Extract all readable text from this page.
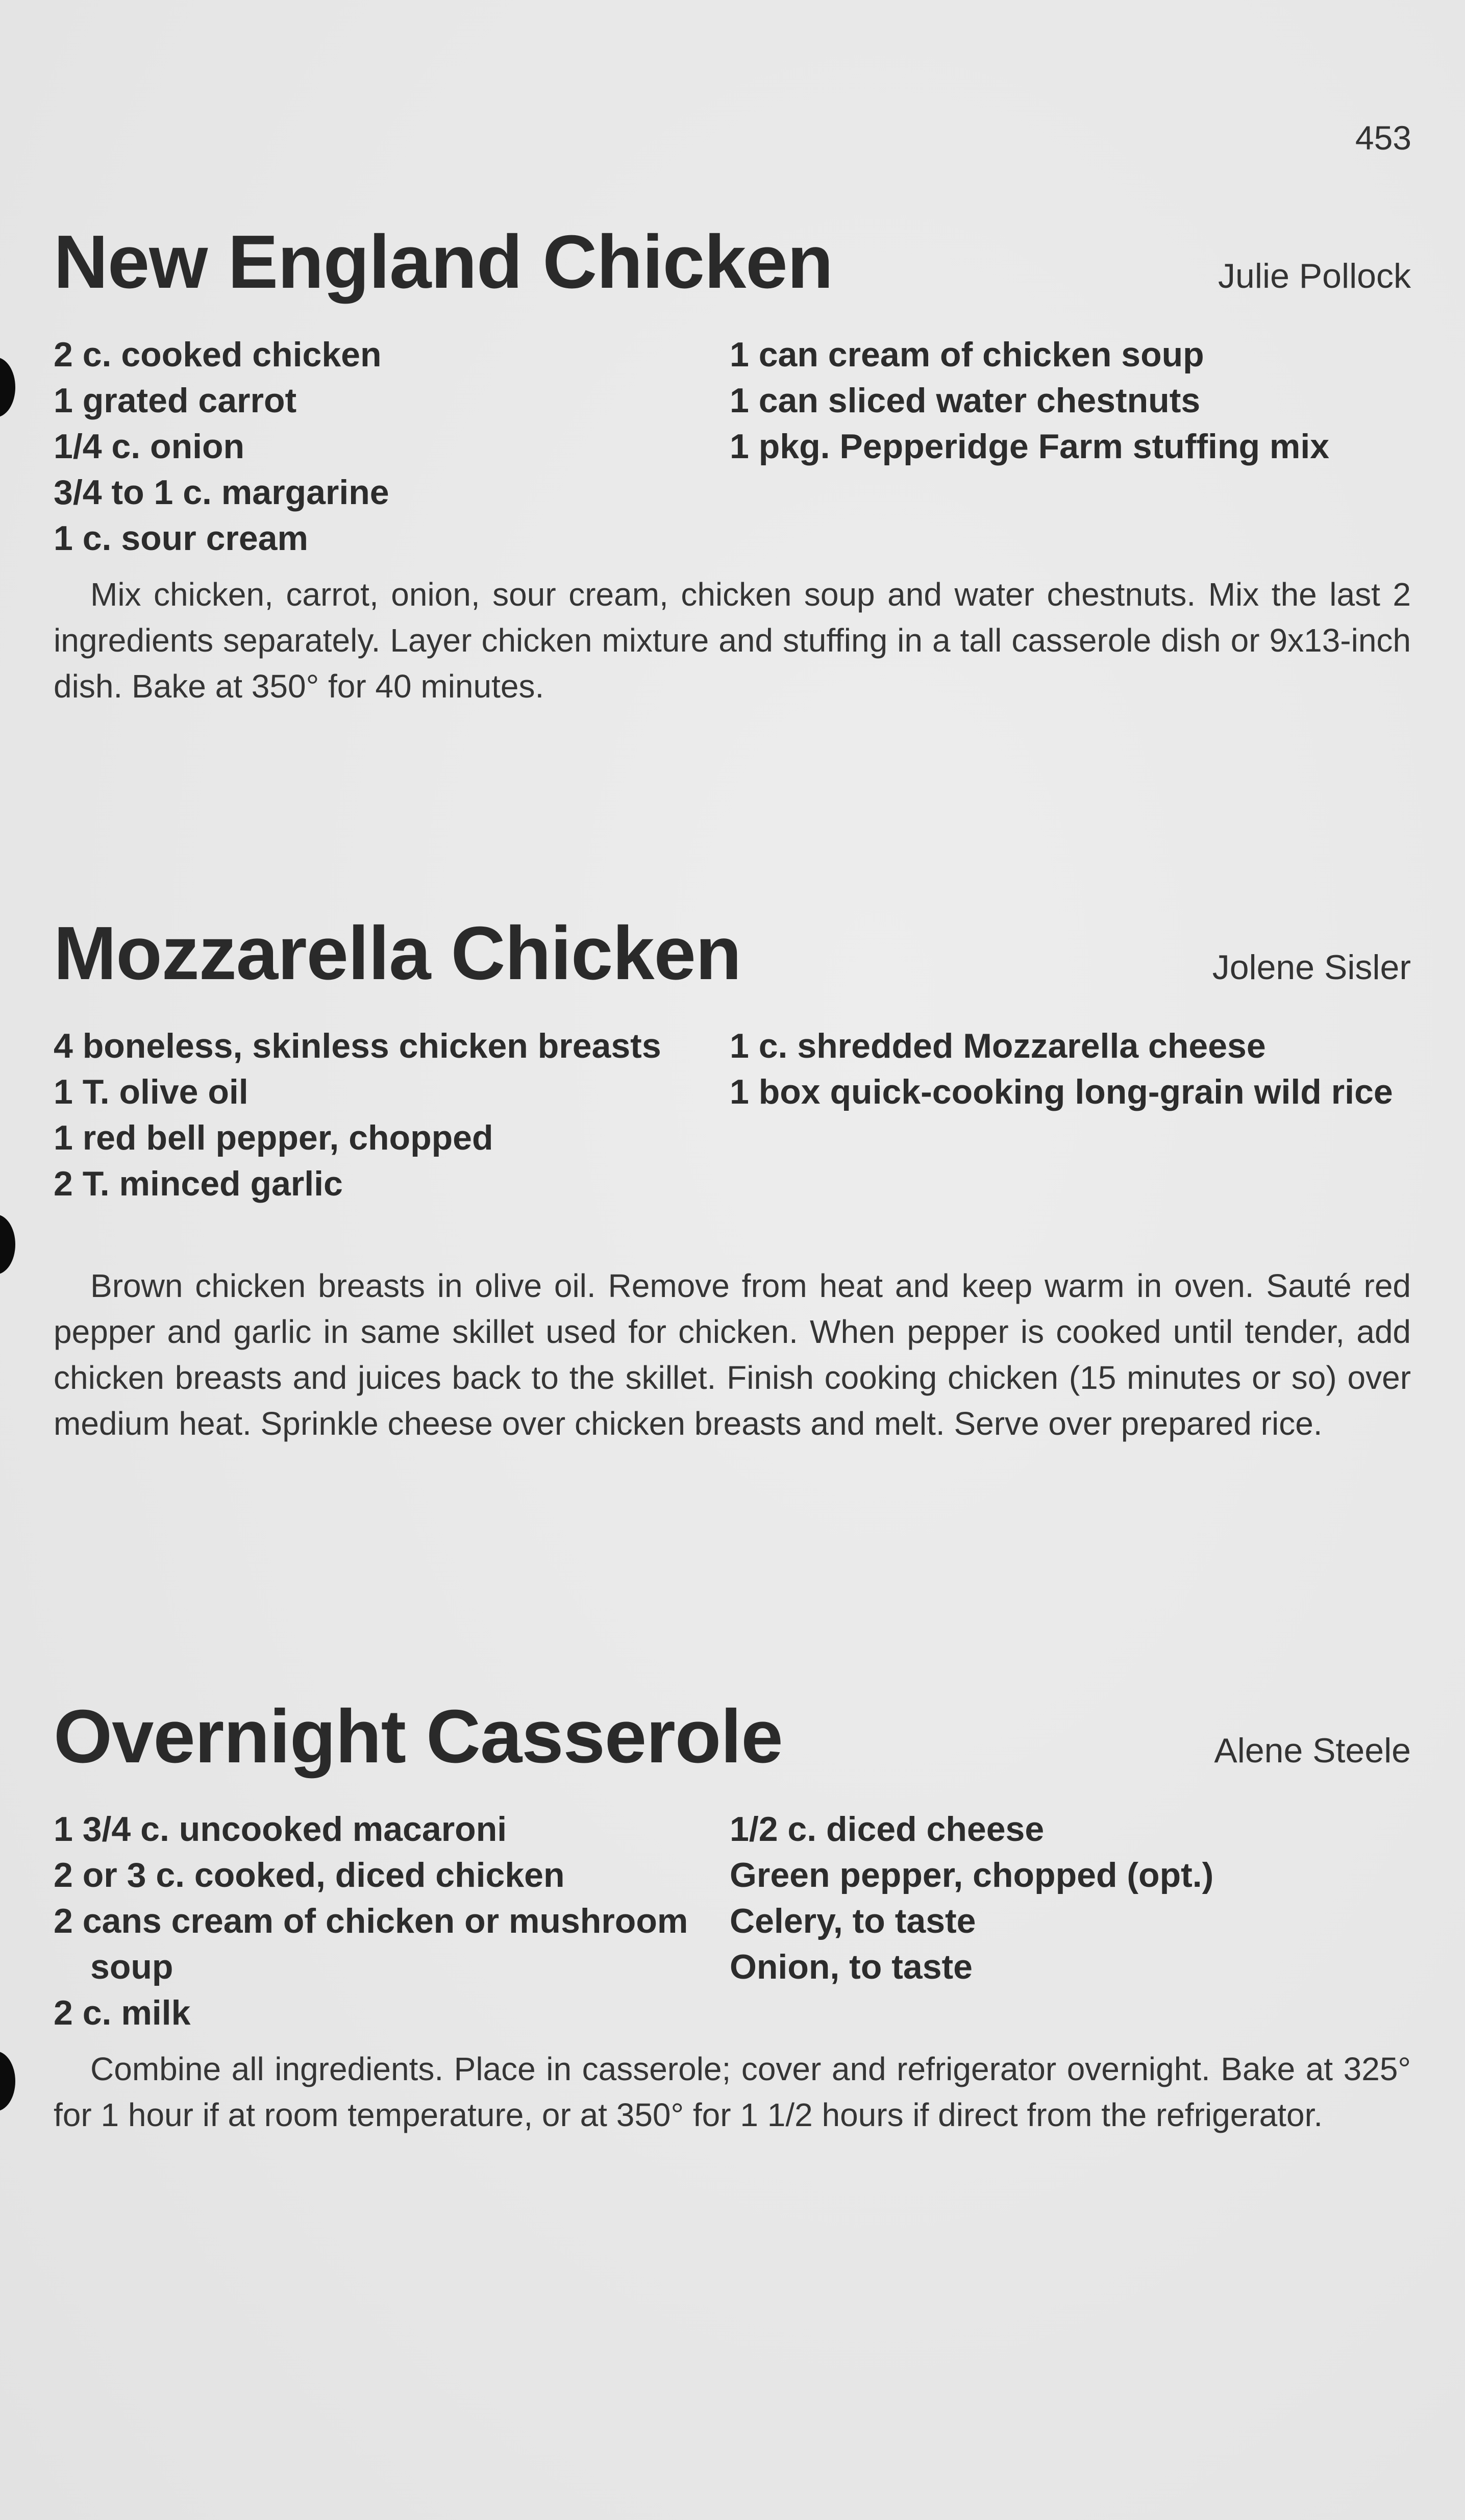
453
New England Chicken	Julie Pollock
2 c. cooked chicken
1 grated carrot
1/4 c. onion
3/4 to 1 c. margarine
1 c. sour cream
1 can cream of chicken soup
1 can sliced water chestnuts
1 pkg. Pepperidge Farm stuffing mix

Mix chicken, carrot, onion, sour cream, chicken soup and water chestnuts. Mix the last 2 ingredients separately. Layer chicken mixture and stuffing in a tall casserole dish or 9x13-inch dish. Bake at 350° for 40 minutes.

Mozzarella Chicken	Jolene Sisler
4 boneless, skinless chicken breasts
1 T. olive oil
1 red bell pepper, chopped
2 T. minced garlic
1 c. shredded Mozzarella cheese
1 box quick-cooking long-grain wild rice

Brown chicken breasts in olive oil. Remove from heat and keep warm in oven. Sauté red pepper and garlic in same skillet used for chicken. When pepper is cooked until tender, add chicken breasts and juices back to the skillet. Finish cooking chicken (15 minutes or so) over medium heat. Sprinkle cheese over chicken breasts and melt. Serve over prepared rice.

Overnight Casserole	Alene Steele
1 3/4 c. uncooked macaroni
2 or 3 c. cooked, diced chicken
2 cans cream of chicken or mushroom soup
2 c. milk
1/2 c. diced cheese
Green pepper, chopped (opt.)
Celery, to taste
Onion, to taste

Combine all ingredients. Place in casserole; cover and refrigerator overnight. Bake at 325° for 1 hour if at room temperature, or at 350° for 1 1/2 hours if direct from the refrigerator.
